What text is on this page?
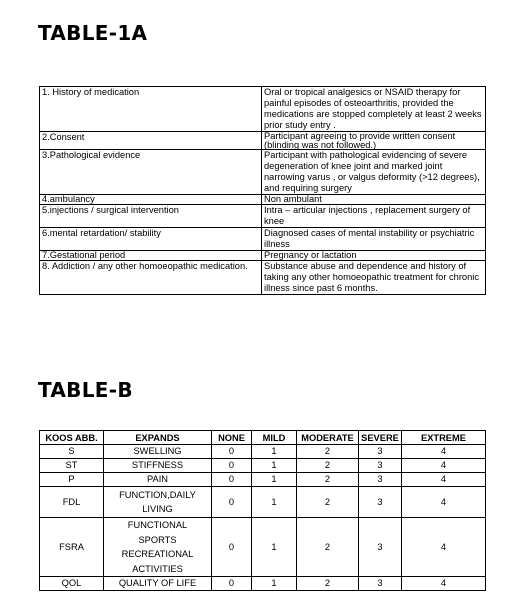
TABLE-1A
1. History of medication	Oral or tropical analgesics or NSAID therapy for painful episodes of osteoarthritis, provided the medications are stopped completely at least 2 weeks prior study entry .
2.Consent	Participant agreeing to provide written consent (blinding was not followed.)
3.Pathological evidence	Participant with pathological evidencing of severe degeneration of knee joint and marked joint narrowing varus , or valgus deformity (>12 degrees), and requiring surgery
4.ambulancy	Non ambulant
5.injections / surgical intervention	Intra – articular injections , replacement surgery of knee
6.mental retardation/ stability	Diagnosed cases of mental instability or psychiatric illness
7.Gestational period	Pregnancy or lactation
8. Addiction / any other homoeopathic medication.	Substance abuse and dependence and history of taking any other homoeopathic treatment for chronic illness since past 6 months.
TABLE-B
KOOS ABB.	EXPANDS	NONE	MILD	MODERATE	SEVERE	EXTREME
S	SWELLING	0	1	2	3	4
ST	STIFFNESS	0	1	2	3	4
P	PAIN	0	1	2	3	4
FDL	FUNCTION,DAILY LIVING	0	1	2	3	4
FSRA	FUNCTIONAL SPORTS RECREATIONAL ACTIVITIES	0	1	2	3	4
QOL	QUALITY OF LIFE	0	1	2	3	4
